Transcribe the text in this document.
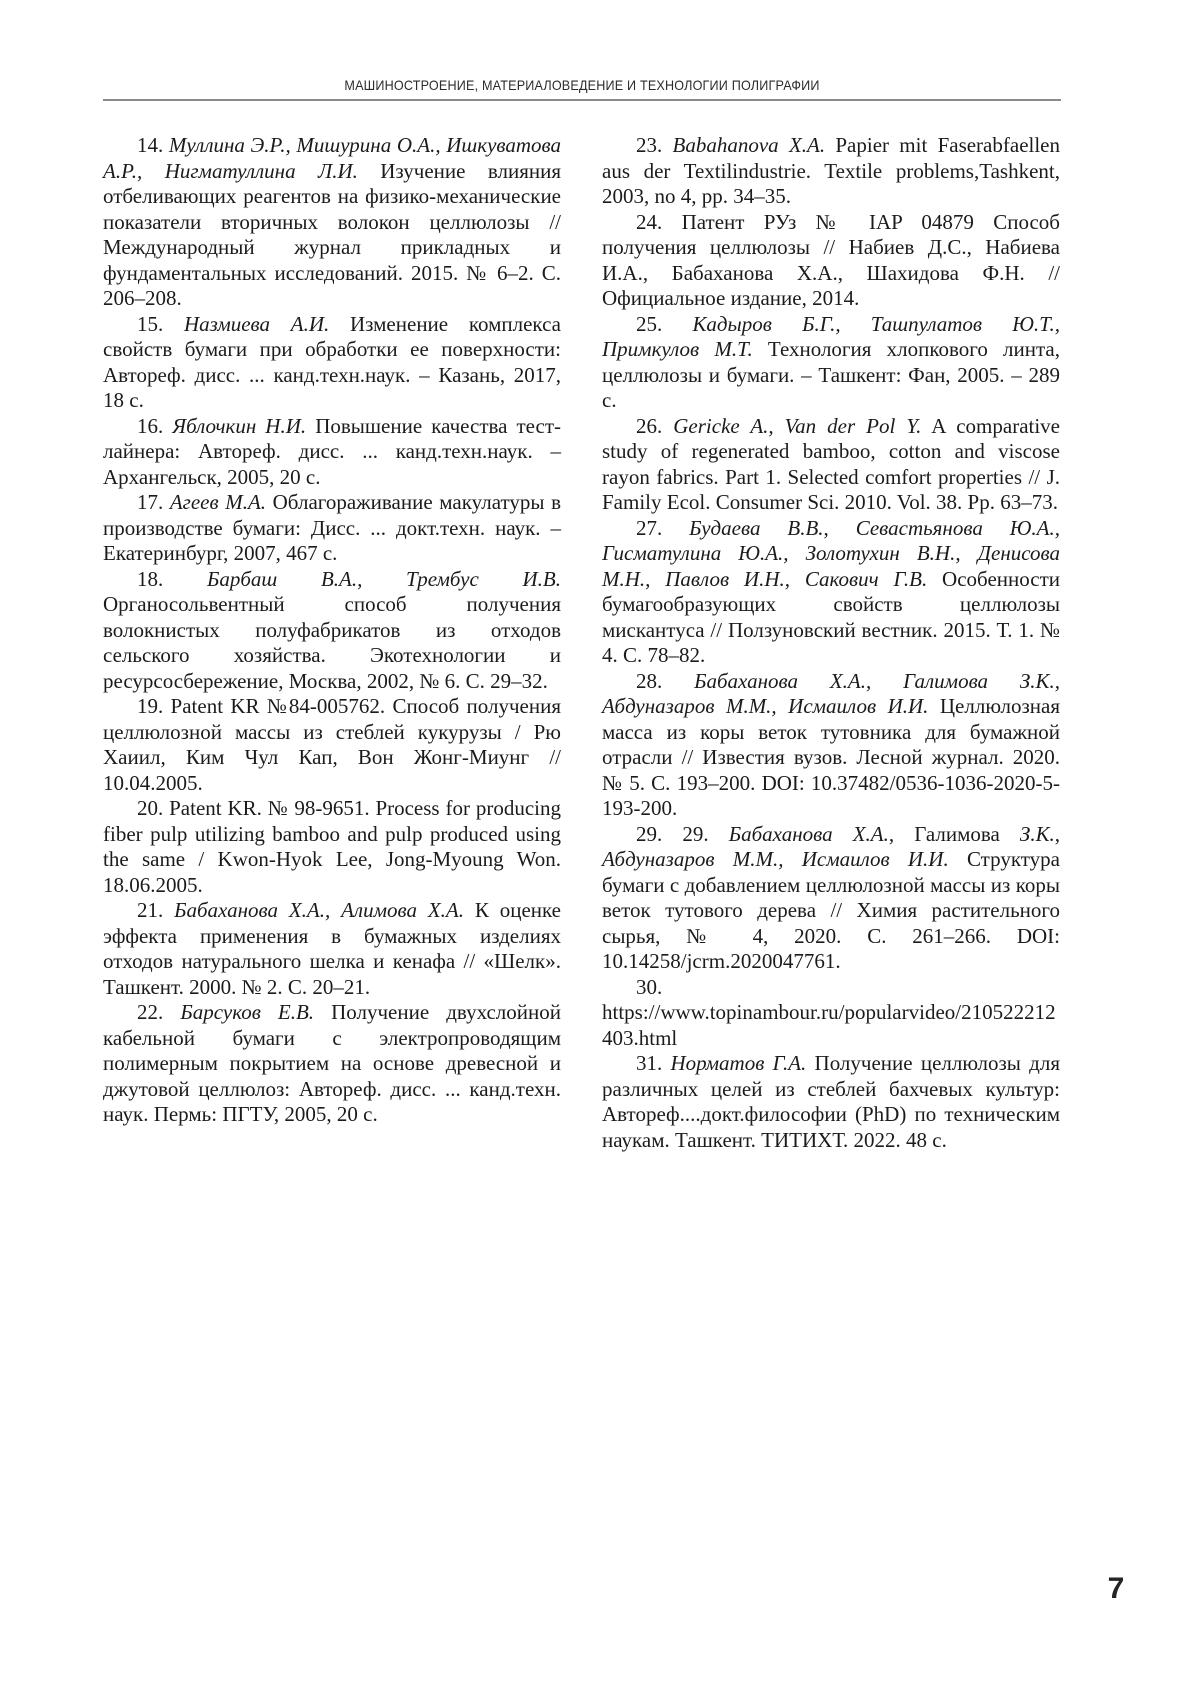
МАШИНОСТРОЕНИЕ, МАТЕРИАЛОВЕДЕНИЕ И ТЕХНОЛОГИИ ПОЛИГРАФИИ

14. Муллина Э.Р., Мишурина О.А., Ишкуватова А.Р., Нигматуллина Л.И. Изучение влияния отбеливающих реагентов на физико-механические показатели вторичных волокон целлюлозы // Международный журнал прикладных и фундаментальных исследований. 2015. № 6–2. С. 206–208.

15. Назмиева А.И. Изменение комплекса свойств бумаги при обработки ее поверхности: Автореф. дисс. ... канд.техн.наук. – Казань, 2017, 18 с.

16. Яблочкин Н.И. Повышение качества тест-лайнера: Автореф. дисс. ... канд.техн.наук. – Архангельск, 2005, 20 с.

17. Агеев М.А. Облагораживание макулатуры в производстве бумаги: Дисс. ... докт.техн. наук. – Екатеринбург, 2007, 467 с.

18. Барбаш В.А., Трембус И.В. Органосольвентный способ получения волокнистых полуфабрикатов из отходов сельского хозяйства. Экотехнологии и ресурсосбережение, Москва, 2002, № 6. С. 29–32.

19. Patent KR №84-005762. Способ получения целлюлозной массы из стеблей кукурузы / Рю Хаиил, Ким Чул Кап, Вон Жонг-Миунг // 10.04.2005.

20. Patent KR. № 98-9651. Process for producing fiber pulp utilizing bamboo and pulp produced using the same / Kwon-Hyok Lee, Jong-Myoung Won. 18.06.2005.

21. Бабаханова Х.А., Алимова Х.А. К оценке эффекта применения в бумажных изделиях отходов натурального шелка и кенафа // «Шелк». Ташкент. 2000. № 2. С. 20–21.

22. Барсуков Е.В. Получение двухслойной кабельной бумаги с электропроводящим полимерным покрытием на основе древесной и джутовой целлюлоз: Автореф. дисс. ... канд.техн. наук. Пермь: ПГТУ, 2005, 20 с.

23. Babahanova X.A. Papier mit Faserabfaellen aus der Textilindustrie. Textile problems,Tashkent, 2003, no 4, pp. 34–35.

24. Патент РУз № IAP 04879 Способ получения целлюлозы // Набиев Д.С., Набиева И.А., Бабаханова Х.А., Шахидова Ф.Н. // Официальное издание, 2014.

25. Кадыров Б.Г., Ташпулатов Ю.Т., Примкулов М.Т. Технология хлопкового линта, целлюлозы и бумаги. – Ташкент: Фан, 2005. – 289 с.

26. Gericke A., Van der Pol Y. A comparative study of regenerated bamboo, cotton and viscose rayon fabrics. Part 1. Selected comfort properties // J. Family Ecol. Consumer Sci. 2010. Vol. 38. Pp. 63–73.

27. Будаева В.В., Севастьянова Ю.А., Гисматулина Ю.А., Золотухин В.Н., Денисова М.Н., Павлов И.Н., Сакович Г.В. Особенности бумагообразующих свойств целлюлозы мискантуса // Ползуновский вестник. 2015. Т. 1. № 4. С. 78–82.

28. Бабаханова Х.А., Галимова З.К., Абдуназаров М.М., Исмаилов И.И. Целлюлозная масса из коры веток тутовника для бумажной отрасли // Известия вузов. Лесной журнал. 2020. № 5. С. 193–200. DOI: 10.37482/0536-1036-2020-5-193-200.

29. 29. Бабаханова Х.А., Галимова З.К., Абдуназаров М.М., Исмаилов И.И. Структура бумаги с добавлением целлюлозной массы из коры веток тутового дерева // Химия растительного сырья, № 4, 2020. С. 261–266. DOI: 10.14258/jcrm.2020047761.

30. https://www.topinambour.ru/popularvideo/210522212403.html

31. Норматов Г.А. Получение целлюлозы для различных целей из стеблей бахчевых культур: Автореф....докт.философии (PhD) по техническим наукам. Ташкент. ТИТИХТ. 2022. 48 с.

7
